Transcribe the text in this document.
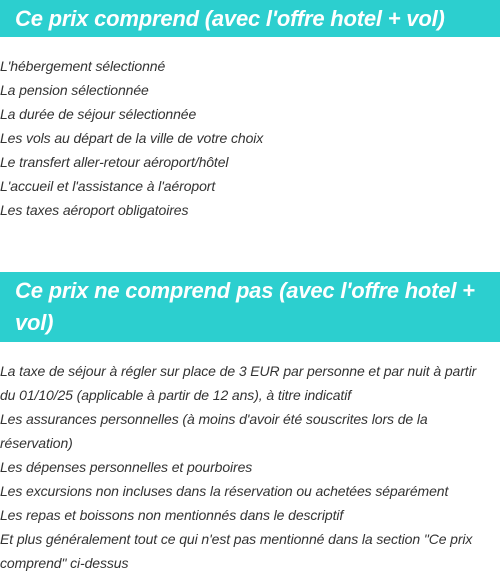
Ce prix comprend (avec l'offre hotel + vol)
L'hébergement sélectionné
La pension sélectionnée
La durée de séjour sélectionnée
Les vols au départ de la ville de votre choix
Le transfert aller-retour aéroport/hôtel
L'accueil et l'assistance à l'aéroport
Les taxes aéroport obligatoires
Ce prix ne comprend pas (avec l'offre hotel + vol)
La taxe de séjour à régler sur place de 3 EUR par personne et par nuit à partir du 01/10/25 (applicable à partir de 12 ans), à titre indicatif
Les assurances personnelles (à moins d'avoir été souscrites lors de la réservation)
Les dépenses personnelles et pourboires
Les excursions non incluses dans la réservation ou achetées séparément
Les repas et boissons non mentionnés dans le descriptif
Et plus généralement tout ce qui n'est pas mentionné dans la section "Ce prix comprend" ci-dessus
